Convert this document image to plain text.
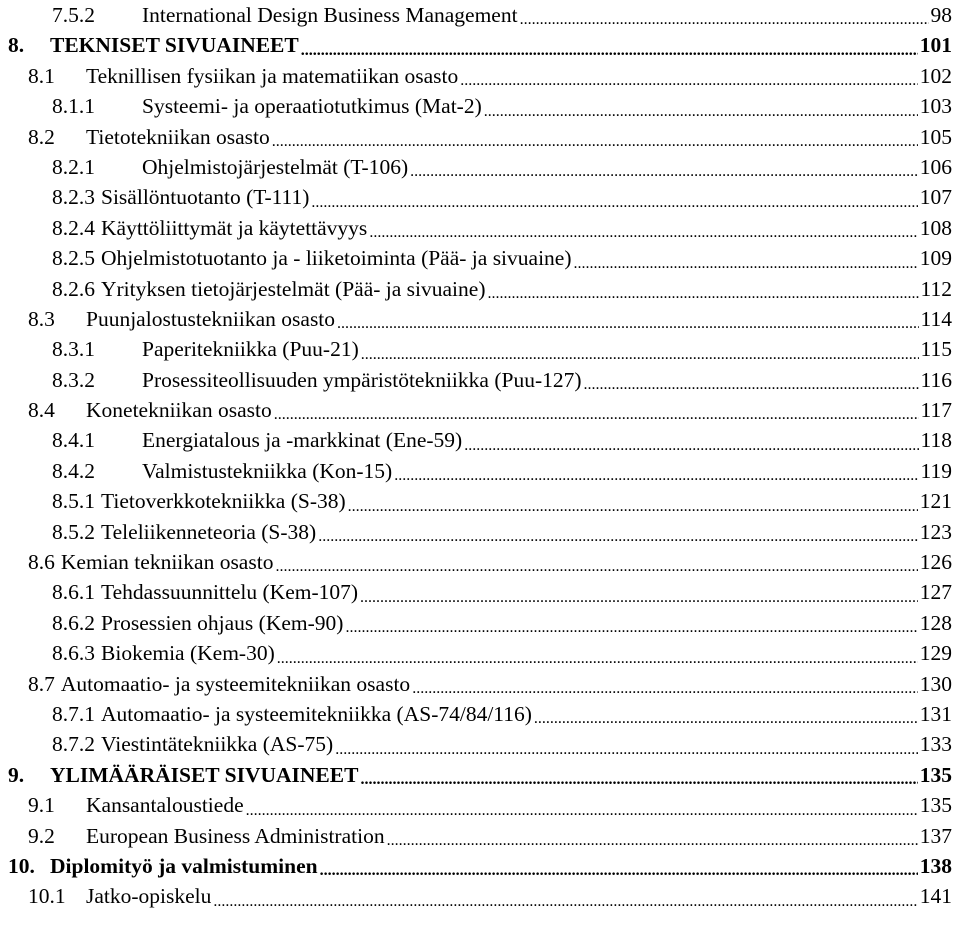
7.5.2	International Design Business Management .....	98
8.	TEKNISET SIVUAINEET .....	101
8.1	Teknillisen fysiikan ja matematiikan osasto .....	102
8.1.1	Systeemi- ja operaatiotutkimus (Mat-2) .....	103
8.2	Tietotekniikan osasto .....	105
8.2.1	Ohjelmistojärjestelmät (T-106) .....	106
8.2.3 Sisällöntuotanto (T-111) .....	107
8.2.4 Käyttöliittymät ja käytettävyys .....	108
8.2.5 Ohjelmistotuotanto ja - liiketoiminta (Pää- ja sivuaine) .....	109
8.2.6 Yrityksen tietojärjestelmät (Pää- ja sivuaine) .....	112
8.3	Puunjalostustekniikan osasto .....	114
8.3.1	Paperitekniikka (Puu-21) .....	115
8.3.2	Prosessiteollisuuden ympäristötekniikka (Puu-127) .....	116
8.4	Konetekniikan osasto .....	117
8.4.1	Energiatalous ja -markkinat (Ene-59) .....	118
8.4.2	Valmistustekniikka (Kon-15) .....	119
8.5.1 Tietoverkkotekniikka (S-38) .....	121
8.5.2 Teleliikenneteoria (S-38) .....	123
8.6 Kemian tekniikan osasto .....	126
8.6.1 Tehdassuunnittelu (Kem-107) .....	127
8.6.2 Prosessien ohjaus (Kem-90) .....	128
8.6.3 Biokemia (Kem-30) .....	129
8.7 Automaatio- ja systeemitekniikan osasto .....	130
8.7.1 Automaatio- ja systeemitekniikka (AS-74/84/116) .....	131
8.7.2 Viestintätekniikka (AS-75) .....	133
9.	YLIMÄÄRÄISET SIVUAINEET .....	135
9.1	Kansantaloustiede .....	135
9.2	European Business Administration .....	137
10. Diplomityö ja valmistuminen .....	138
10.1 Jatko-opiskelu .....	141
